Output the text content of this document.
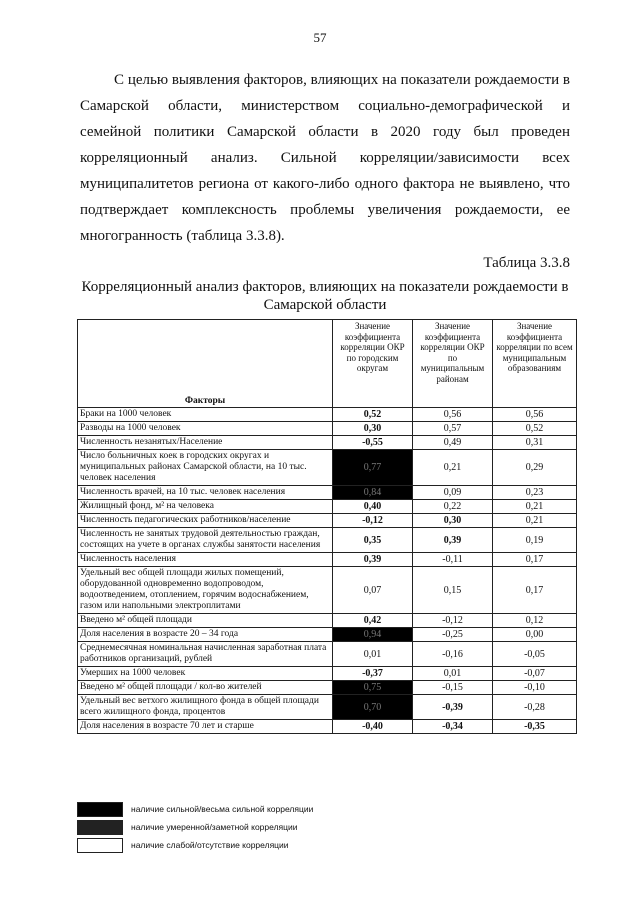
57

С целью выявления факторов, влияющих на показатели рождаемости в Самарской области, министерством социально-демографической и семейной политики Самарской области в 2020 году был проведен корреляционный анализ. Сильной корреляции/зависимости всех муниципалитетов региона от какого-либо одного фактора не выявлено, что подтверждает комплексность проблемы увеличения рождаемости, ее многогранность (таблица 3.3.8).

Таблица 3.3.8

Корреляционный анализ факторов, влияющих на показатели рождаемости в Самарской области

Факторы	Значение коэффициента корреляции ОКР по городским округам	Значение коэффициента корреляции ОКР по муниципальным районам	Значение коэффициента корреляции по всем муниципальным образованиям
Браки на 1000 человек	0,52	0,56	0,56
Разводы на 1000 человек	0,30	0,57	0,52
Численность незанятых/Население	-0,55	0,49	0,31
Число больничных коек в городских округах и муниципальных районах Самарской области, на 10 тыс. человек населения	0,77	0,21	0,29
Численность врачей, на 10 тыс. человек населения	0,84	0,09	0,23
Жилищный фонд, м² на человека	0,40	0,22	0,21
Численность педагогических работников/население	-0,12	0,30	0,21
Численность не занятых трудовой деятельностью граждан, состоящих на учете в органах службы занятости населения	0,35	0,39	0,19
Численность населения	0,39	-0,11	0,17
Удельный вес общей площади жилых помещений, оборудованной одновременно водопроводом, водоотведением, отоплением, горячим водоснабжением, газом или напольными электроплитами	0,07	0,15	0,17
Введено м² общей площади	0,42	-0,12	0,12
Доля населения в возрасте 20 – 34 года	0,94	-0,25	0,00
Среднемесячная номинальная начисленная заработная плата работников организаций, рублей	0,01	-0,16	-0,05
Умерших на 1000 человек	-0,37	0,01	-0,07
Введено м² общей площади / кол-во жителей	0,75	-0,15	-0,10
Удельный вес ветхого жилищного фонда в общей площади всего жилищного фонда, процентов	0,70	-0,39	-0,28
Доля населения в возрасте 70 лет и старше	-0,40	-0,34	-0,35
наличие сильной/весьма сильной корреляции
наличие умеренной/заметной корреляции
наличие слабой/отсутствие корреляции
